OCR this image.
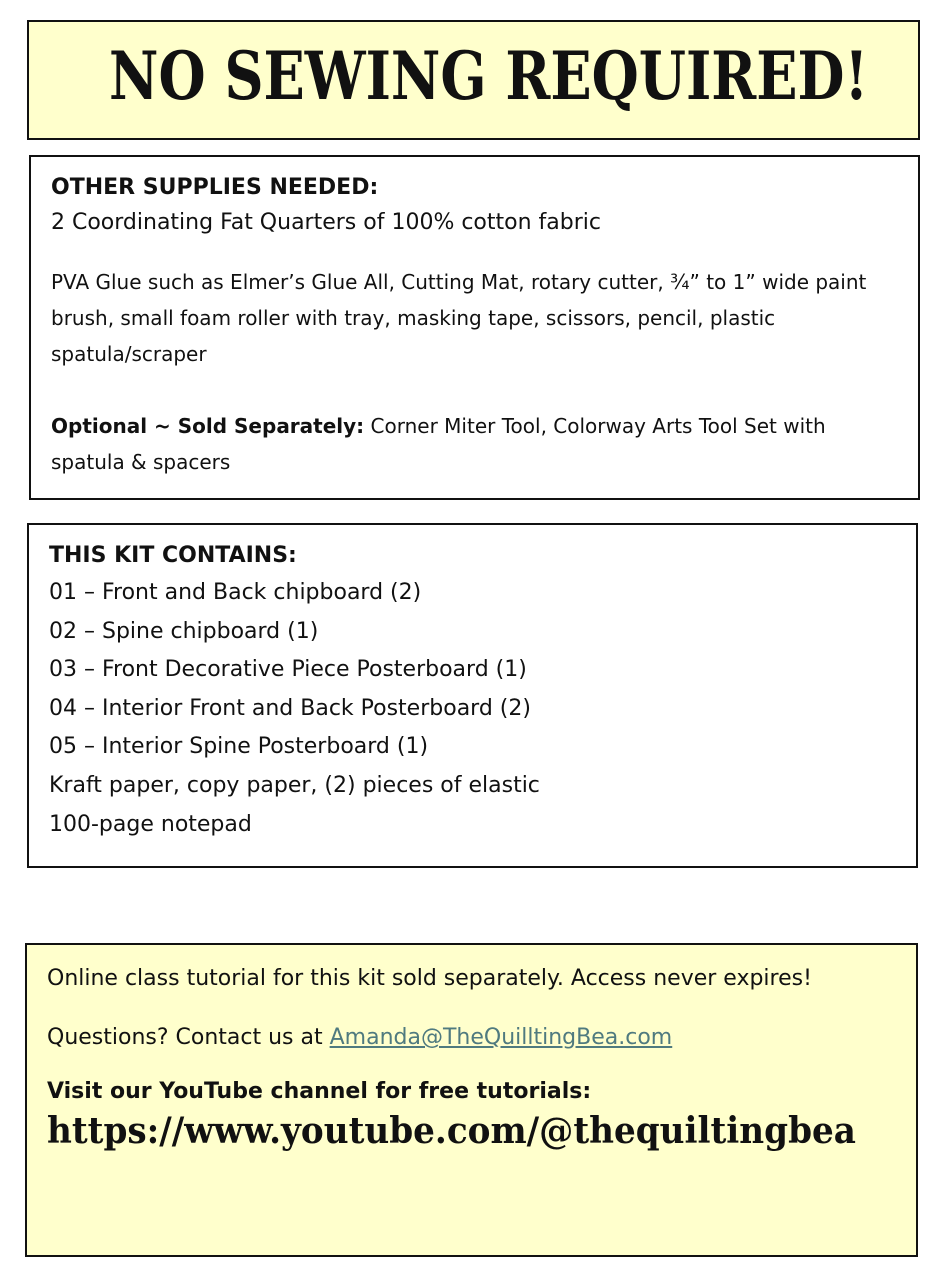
NO SEWING REQUIRED!
OTHER SUPPLIES NEEDED:
2 Coordinating Fat Quarters of 100% cotton fabric

PVA Glue such as Elmer’s Glue All, Cutting Mat, rotary cutter, ¾” to 1” wide paint brush, small foam roller with tray, masking tape, scissors, pencil, plastic spatula/scraper

Optional ~ Sold Separately: Corner Miter Tool, Colorway Arts Tool Set with spatula & spacers

THIS KIT CONTAINS:
01 – Front and Back chipboard (2)
02 – Spine chipboard (1)
03 – Front Decorative Piece Posterboard (1)
04 – Interior Front and Back Posterboard (2)
05 – Interior Spine Posterboard (1)
Kraft paper, copy paper, (2) pieces of elastic
100-page notepad

Online class tutorial for this kit sold separately. Access never expires!

Questions? Contact us at Amanda@TheQuilltingBea.com

Visit our YouTube channel for free tutorials:
https://www.youtube.com/@thequiltingbea
